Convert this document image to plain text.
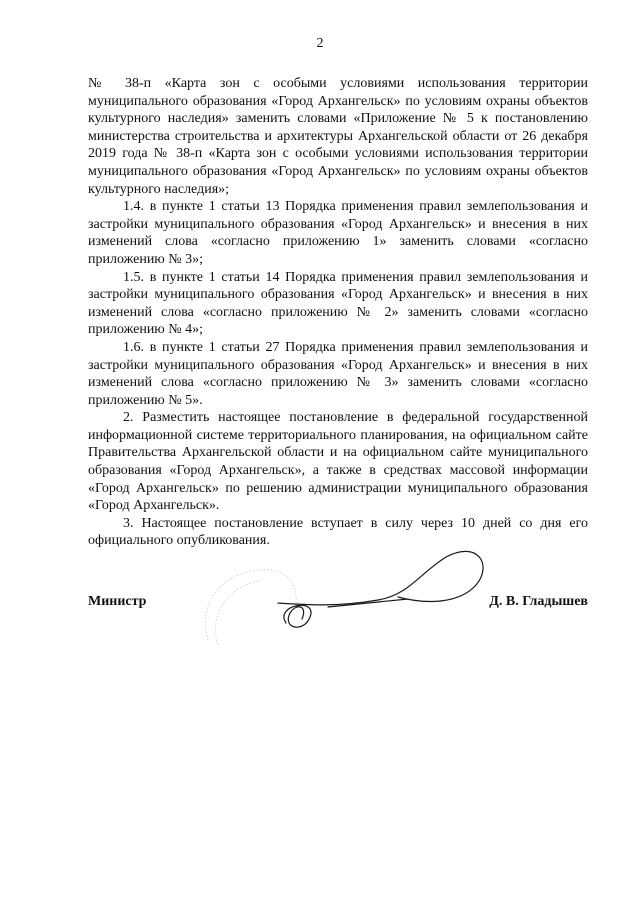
2

№ 38-п «Карта зон с особыми условиями использования территории муниципального образования «Город Архангельск» по условиям охраны объектов культурного наследия» заменить словами «Приложение № 5 к постановлению министерства строительства и архитектуры Архангельской области от 26 декабря 2019 года № 38-п «Карта зон с особыми условиями использования территории муниципального образования «Город Архангельск» по условиям охраны объектов культурного наследия»;

1.4. в пункте 1 статьи 13 Порядка применения правил землепользования и застройки муниципального образования «Город Архангельск» и внесения в них изменений слова «согласно приложению 1» заменить словами «согласно приложению № 3»;

1.5. в пункте 1 статьи 14 Порядка применения правил землепользования и застройки муниципального образования «Город Архангельск» и внесения в них изменений слова «согласно приложению № 2» заменить словами «согласно приложению № 4»;

1.6. в пункте 1 статьи 27 Порядка применения правил землепользования и застройки муниципального образования «Город Архангельск» и внесения в них изменений слова «согласно приложению № 3» заменить словами «согласно приложению № 5».

2. Разместить настоящее постановление в федеральной государственной информационной системе территориального планирования, на официальном сайте Правительства Архангельской области и на официальном сайте муниципального образования «Город Архангельск», а также в средствах массовой информации «Город Архангельск» по решению администрации муниципального образования «Город Архангельск».

3. Настоящее постановление вступает в силу через 10 дней со дня его официального опубликования.

Министр	Д. В. Гладышев
